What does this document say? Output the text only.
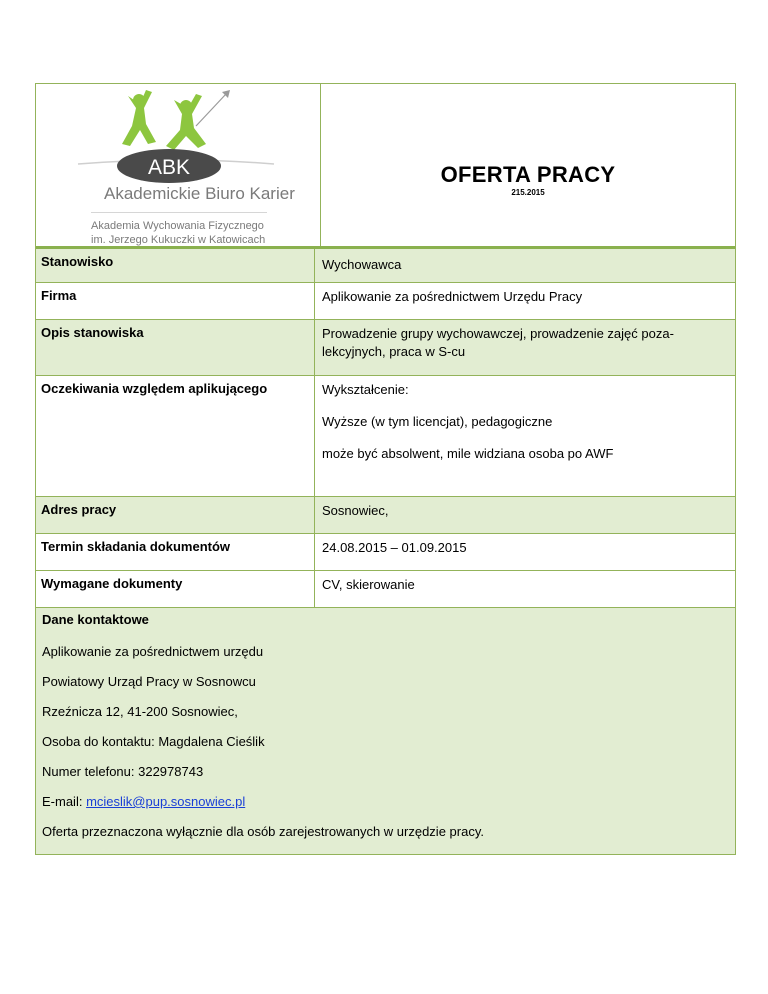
ABK
Akademickie Biuro Karier
Akademia Wychowania Fizycznego
im. Jerzego Kukuczki w Katowicach
OFERTA PRACY
215.2015
Stanowisko	Wychowawca
Firma	Aplikowanie za pośrednictwem Urzędu Pracy
Opis stanowiska	Prowadzenie grupy wychowawczej, prowadzenie zajęć poza-lekcyjnych, praca w S-cu
Oczekiwania względem aplikującego	Wykształcenie:

Wyższe (w tym licencjat), pedagogiczne

może być absolwent, mile widziana osoba po AWF

Adres pracy	Sosnowiec,
Termin składania dokumentów	24.08.2015 – 01.09.2015
Wymagane dokumenty	CV, skierowanie
Dane kontaktowe
Aplikowanie za pośrednictwem urzędu
Powiatowy Urząd Pracy w Sosnowcu
Rzeźnicza 12, 41-200 Sosnowiec,
Osoba do kontaktu: Magdalena Cieślik
Numer telefonu: 322978743
E-mail: mcieslik@pup.sosnowiec.pl
Oferta przeznaczona wyłącznie dla osób zarejestrowanych w urzędzie pracy.
